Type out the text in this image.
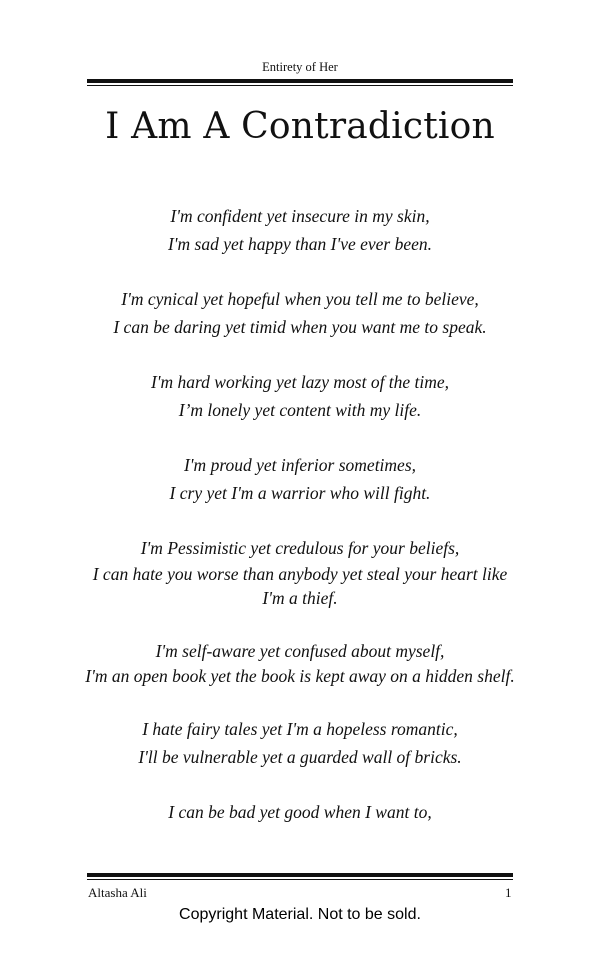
Entirety of Her
I Am A Contradiction
I'm confident yet insecure in my skin,
I'm sad yet happy than I've ever been.
I'm cynical yet hopeful when you tell me to believe,
I can be daring yet timid when you want me to speak.
I'm hard working yet lazy most of the time,
I’m lonely yet content with my life.
I'm proud yet inferior sometimes,
I cry yet I'm a warrior who will fight.
I'm Pessimistic yet credulous for your beliefs,
I can hate you worse than anybody yet steal your heart like I'm a thief.
I'm self-aware yet confused about myself,
I'm an open book yet the book is kept away on a hidden shelf.
I hate fairy tales yet I'm a hopeless romantic,
I'll be vulnerable yet a guarded wall of bricks.
I can be bad yet good when I want to,
Altasha Ali	1
Copyright Material. Not to be sold.
